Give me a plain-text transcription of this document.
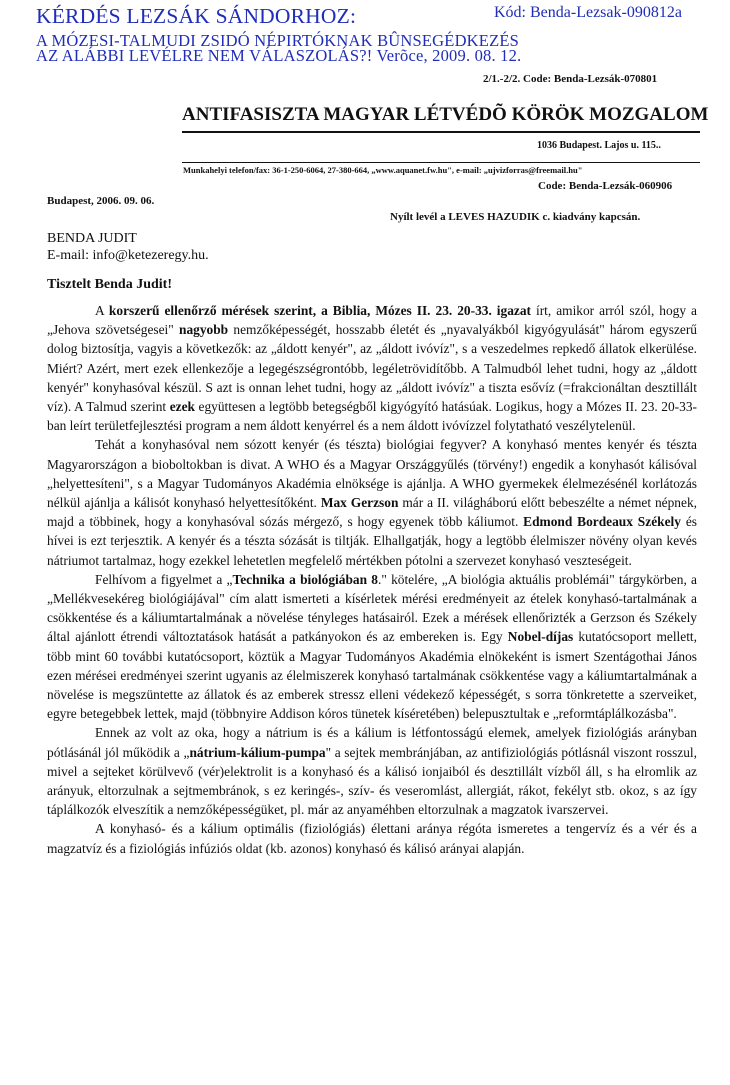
KÉRDÉS LEZSÁK SÁNDORHOZ:	Kód: Benda-Lezsak-090812a
A MÓZESI-TALMUDI ZSIDÓ NÉPIRTÓKNAK BÛNSEGÉDKEZÉS
AZ ALÁBBI LEVÉLRE NEM VÁLASZOLÁS?! Verõce, 2009. 08. 12.
2/1.-2/2. Code: Benda-Lezsák-070801
ANTIFASISZTA MAGYAR LÉTVÉDÕ KÖRÖK MOZGALOM
1036 Budapest. Lajos u. 115..
Munkahelyi telefon/fax: 36-1-250-6064, 27-380-664, „www.aquanet.fw.hu", e-mail: „ujvizforras@freemail.hu"
Code: Benda-Lezsák-060906
Budapest, 2006. 09. 06.
Nyílt levél a LEVES HAZUDIK c. kiadvány kapcsán.
BENDA JUDIT
E-mail: info@ketezeregy.hu.
Tisztelt Benda Judit!

A korszerű ellenőrző mérések szerint, a Biblia, Mózes II. 23. 20-33. igazat írt, amikor arról szól, hogy a „Jehova szövetségesei" nagyobb nemzőképességét, hosszabb életét és „nyavalyákból kigyógyulását" három egyszerű dolog biztosítja, vagyis a következők: az „áldott kenyér", az „áldott ivóvíz", s a veszedelmes repkedő állatok elkerülése. Miért? Azért, mert ezek ellenkezője a legegészségrontóbb, legéletrövidítőbb. A Talmudból lehet tudni, hogy az „áldott kenyér" konyhasóval készül. S azt is onnan lehet tudni, hogy az „áldott ivóvíz" a tiszta esővíz (=frakcionáltan desztillált víz). A Talmud szerint ezek együttesen a legtöbb betegségből kigyógyító hatásúak. Logikus, hogy a Mózes II. 23. 20-33-ban leírt területfejlesztési program a nem áldott kenyérrel és a nem áldott ivóvízzel folytatható veszélytelenül.

Tehát a konyhasóval nem sózott kenyér (és tészta) biológiai fegyver? A konyhasó mentes kenyér és tészta Magyarországon a bioboltokban is divat. A WHO és a Magyar Országgyűlés (törvény!) engedik a konyhasót kálisóval „helyettesíteni", s a Magyar Tudományos Akadémia elnöksége is ajánlja. A WHO gyermekek élelmezésénél korlátozás nélkül ajánlja a kálisót konyhasó helyettesítőként. Max Gerzson már a II. világháború előtt bebeszélte a német népnek, majd a többinek, hogy a konyhasóval sózás mérgező, s hogy egyenek több káliumot. Edmond Bordeaux Székely és hívei is ezt terjesztik. A kenyér és a tészta sózását is tiltják. Elhallgatják, hogy a legtöbb élelmiszer növény olyan kevés nátriumot tartalmaz, hogy ezekkel lehetetlen megfelelő mértékben pótolni a szervezet konyhasó veszteségeit.

Felhívom a figyelmet a „Technika a biológiában 8." kötelére, „A biológia aktuális problémái" tárgykörben, a „Mellékvesekéreg biológiájával" cím alatt ismerteti a kísérletek mérési eredményeit az ételek konyhasó-tartalmának a csökkentése és a káliumtartalmának a növelése tényleges hatásairól. Ezek a mérések ellenőrizték a Gerzson és Székely által ajánlott étrendi változtatások hatását a patkányokon és az embereken is. Egy Nobel-díjas kutatócsoport mellett, több mint 60 további kutatócsoport, köztük a Magyar Tudományos Akadémia elnökeként is ismert Szentágothai János ezen mérései eredményei szerint ugyanis az élelmiszerek konyhasó tartalmának csökkentése vagy a káliumtartalmának a növelése is megszüntette az állatok és az emberek stressz elleni védekező képességét, s sorra tönkretette a szerveiket, egyre betegebbek lettek, majd (többnyire Addison kóros tünetek kíséretében) belepusztultak e „reformtáplálkozásba".

Ennek az volt az oka, hogy a nátrium is és a kálium is létfontosságú elemek, amelyek fiziológiás arányban pótlásánál jól működik a „nátrium-kálium-pumpa" a sejtek membránjában, az antifiziológiás pótlásnál viszont rosszul, mivel a sejteket körülvevő (vér)elektrolit is a konyhasó és a kálisó ionjaiból és desztillált vízből áll, s ha elromlik az arányuk, eltorzulnak a sejtmembránok, s ez keringés-, szív- és veseromlást, allergiát, rákot, fekélyt stb. okoz, s az így táplálkozók elveszítik a nemzőképességüket, pl. már az anyaméhben eltorzulnak a magzatok ivarszervei.

A konyhasó- és a kálium optimális (fiziológiás) élettani aránya régóta ismeretes a tengervíz és a vér és a magzatvíz és a fiziológiás infúziós oldat (kb. azonos) konyhasó és kálisó arányai alapján.
